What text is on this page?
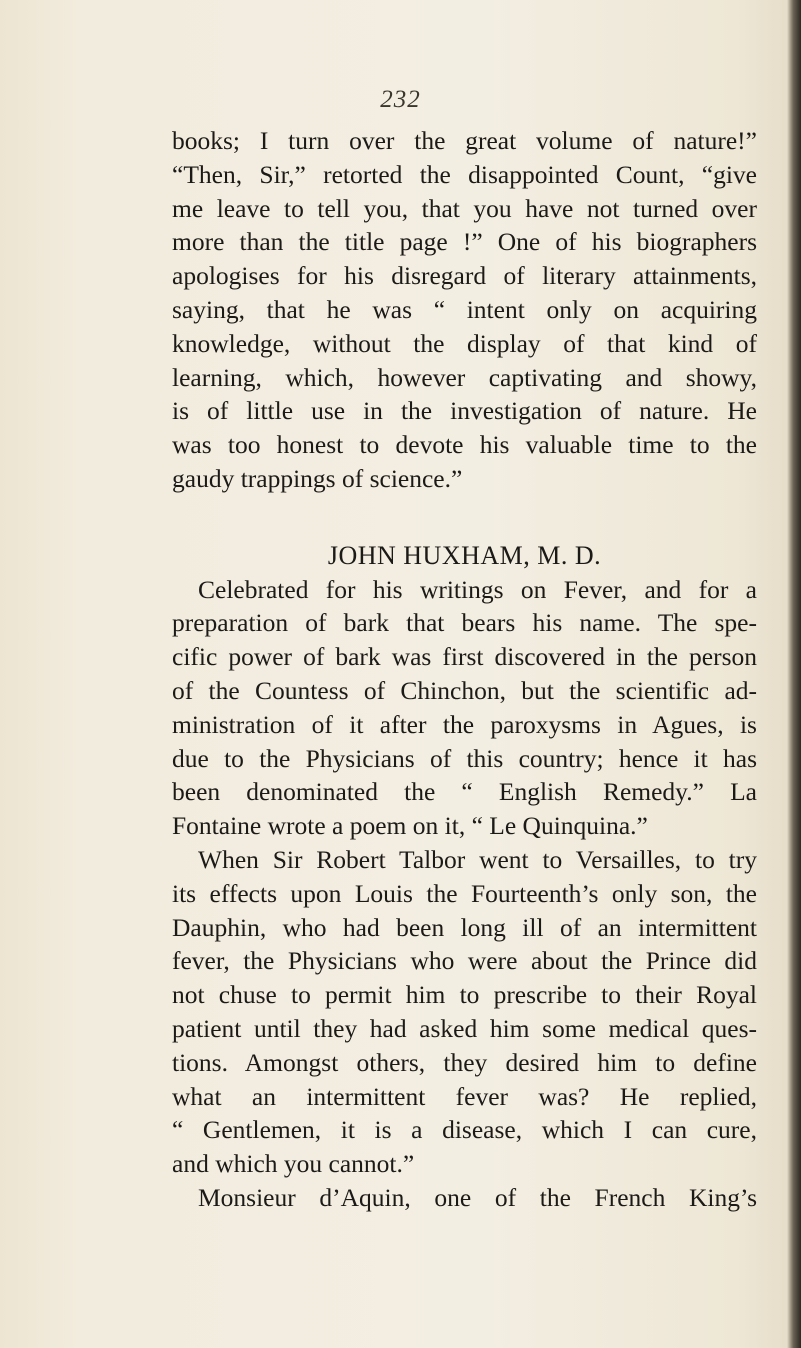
232
books; I turn over the great volume of nature!”
“Then, Sir,” retorted the disappointed Count, “give
me leave to tell you, that you have not turned over
more than the title page !” One of his biographers
apologises for his disregard of literary attainments,
saying, that he was “ intent only on acquiring
knowledge, without the display of that kind of
learning, which, however captivating and showy,
is of little use in the investigation of nature. He
was too honest to devote his valuable time to the
gaudy trappings of science.”
JOHN HUXHAM, M. D.
Celebrated for his writings on Fever, and for a
preparation of bark that bears his name. The spe-
cific power of bark was first discovered in the person
of the Countess of Chinchon, but the scientific ad-
ministration of it after the paroxysms in Agues, is
due to the Physicians of this country; hence it has
been denominated the “ English Remedy.” La
Fontaine wrote a poem on it, “ Le Quinquina.”
When Sir Robert Talbor went to Versailles, to try
its effects upon Louis the Fourteenth’s only son, the
Dauphin, who had been long ill of an intermittent
fever, the Physicians who were about the Prince did
not chuse to permit him to prescribe to their Royal
patient until they had asked him some medical ques-
tions. Amongst others, they desired him to define
what an intermittent fever was? He replied,
“ Gentlemen, it is a disease, which I can cure,
and which you cannot.”
Monsieur d’Aquin, one of the French King’s
